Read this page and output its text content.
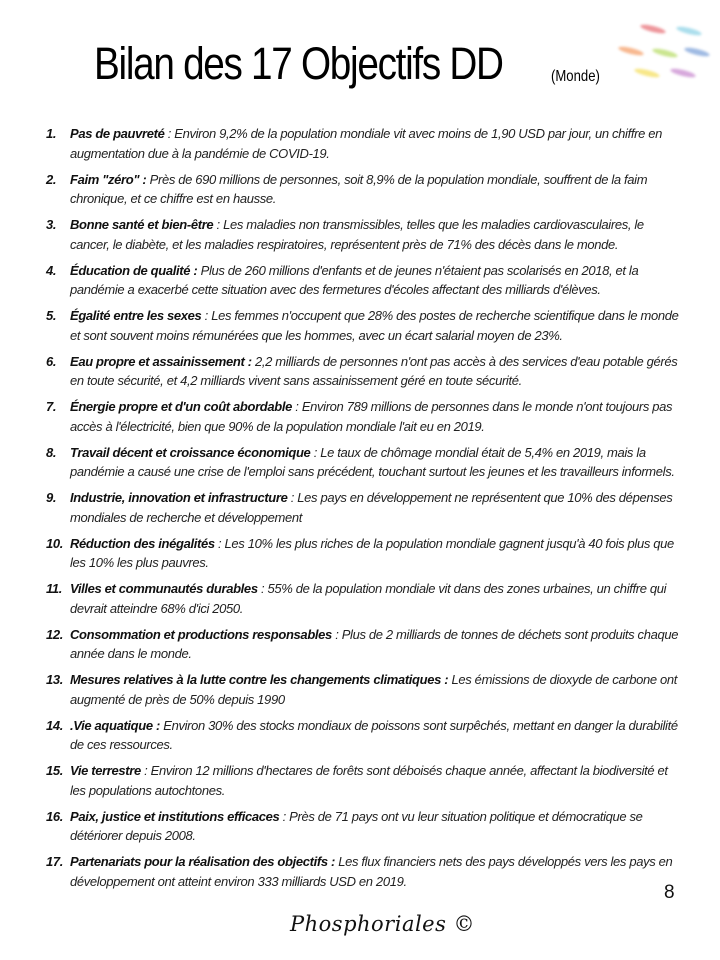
Bilan des 17 Objectifs DD	(Monde)
1. Pas de pauvreté : Environ 9,2% de la population mondiale vit avec moins de 1,90 USD par jour, un chiffre en augmentation due à la pandémie de COVID-19.
2. Faim "zéro" : Près de 690 millions de personnes, soit 8,9% de la population mondiale, souffrent de la faim chronique, et ce chiffre est en hausse.
3. Bonne santé et bien-être : Les maladies non transmissibles, telles que les maladies cardiovasculaires, le cancer, le diabète, et les maladies respiratoires, représentent près de 71% des décès dans le monde.
4. Éducation de qualité : Plus de 260 millions d'enfants et de jeunes n'étaient pas scolarisés en 2018, et la pandémie a exacerbé cette situation avec des fermetures d'écoles affectant des milliards d'élèves.
5. Égalité entre les sexes : Les femmes n'occupent que 28% des postes de recherche scientifique dans le monde et sont souvent moins rémunérées que les hommes, avec un écart salarial moyen de 23%.
6. Eau propre et assainissement : 2,2 milliards de personnes n'ont pas accès à des services d'eau potable gérés en toute sécurité, et 4,2 milliards vivent sans assainissement géré en toute sécurité.
7. Énergie propre et d'un coût abordable : Environ 789 millions de personnes dans le monde n'ont toujours pas accès à l'électricité, bien que 90% de la population mondiale l'ait eu en 2019.
8. Travail décent et croissance économique : Le taux de chômage mondial était de 5,4% en 2019, mais la pandémie a causé une crise de l'emploi sans précédent, touchant surtout les jeunes et les travailleurs informels.
9. Industrie, innovation et infrastructure : Les pays en développement ne représentent que 10% des dépenses mondiales de recherche et développement
10. Réduction des inégalités : Les 10% les plus riches de la population mondiale gagnent jusqu'à 40 fois plus que les 10% les plus pauvres.
11. Villes et communautés durables : 55% de la population mondiale vit dans des zones urbaines, un chiffre qui devrait atteindre 68% d'ici 2050.
12. Consommation et productions responsables : Plus de 2 milliards de tonnes de déchets sont produits chaque année dans le monde.
13. Mesures relatives à la lutte contre les changements climatiques : Les émissions de dioxyde de carbone ont augmenté de près de 50% depuis 1990
14. .Vie aquatique : Environ 30% des stocks mondiaux de poissons sont surpêchés, mettant en danger la durabilité de ces ressources.
15. Vie terrestre : Environ 12 millions d'hectares de forêts sont déboisés chaque année, affectant la biodiversité et les populations autochtones.
16. Paix, justice et institutions efficaces : Près de 71 pays ont vu leur situation politique et démocratique se détériorer depuis 2008.
17. Partenariats pour la réalisation des objectifs : Les flux financiers nets des pays développés vers les pays en développement ont atteint environ 333 milliards USD en 2019.
8
Phosphoriales ©
